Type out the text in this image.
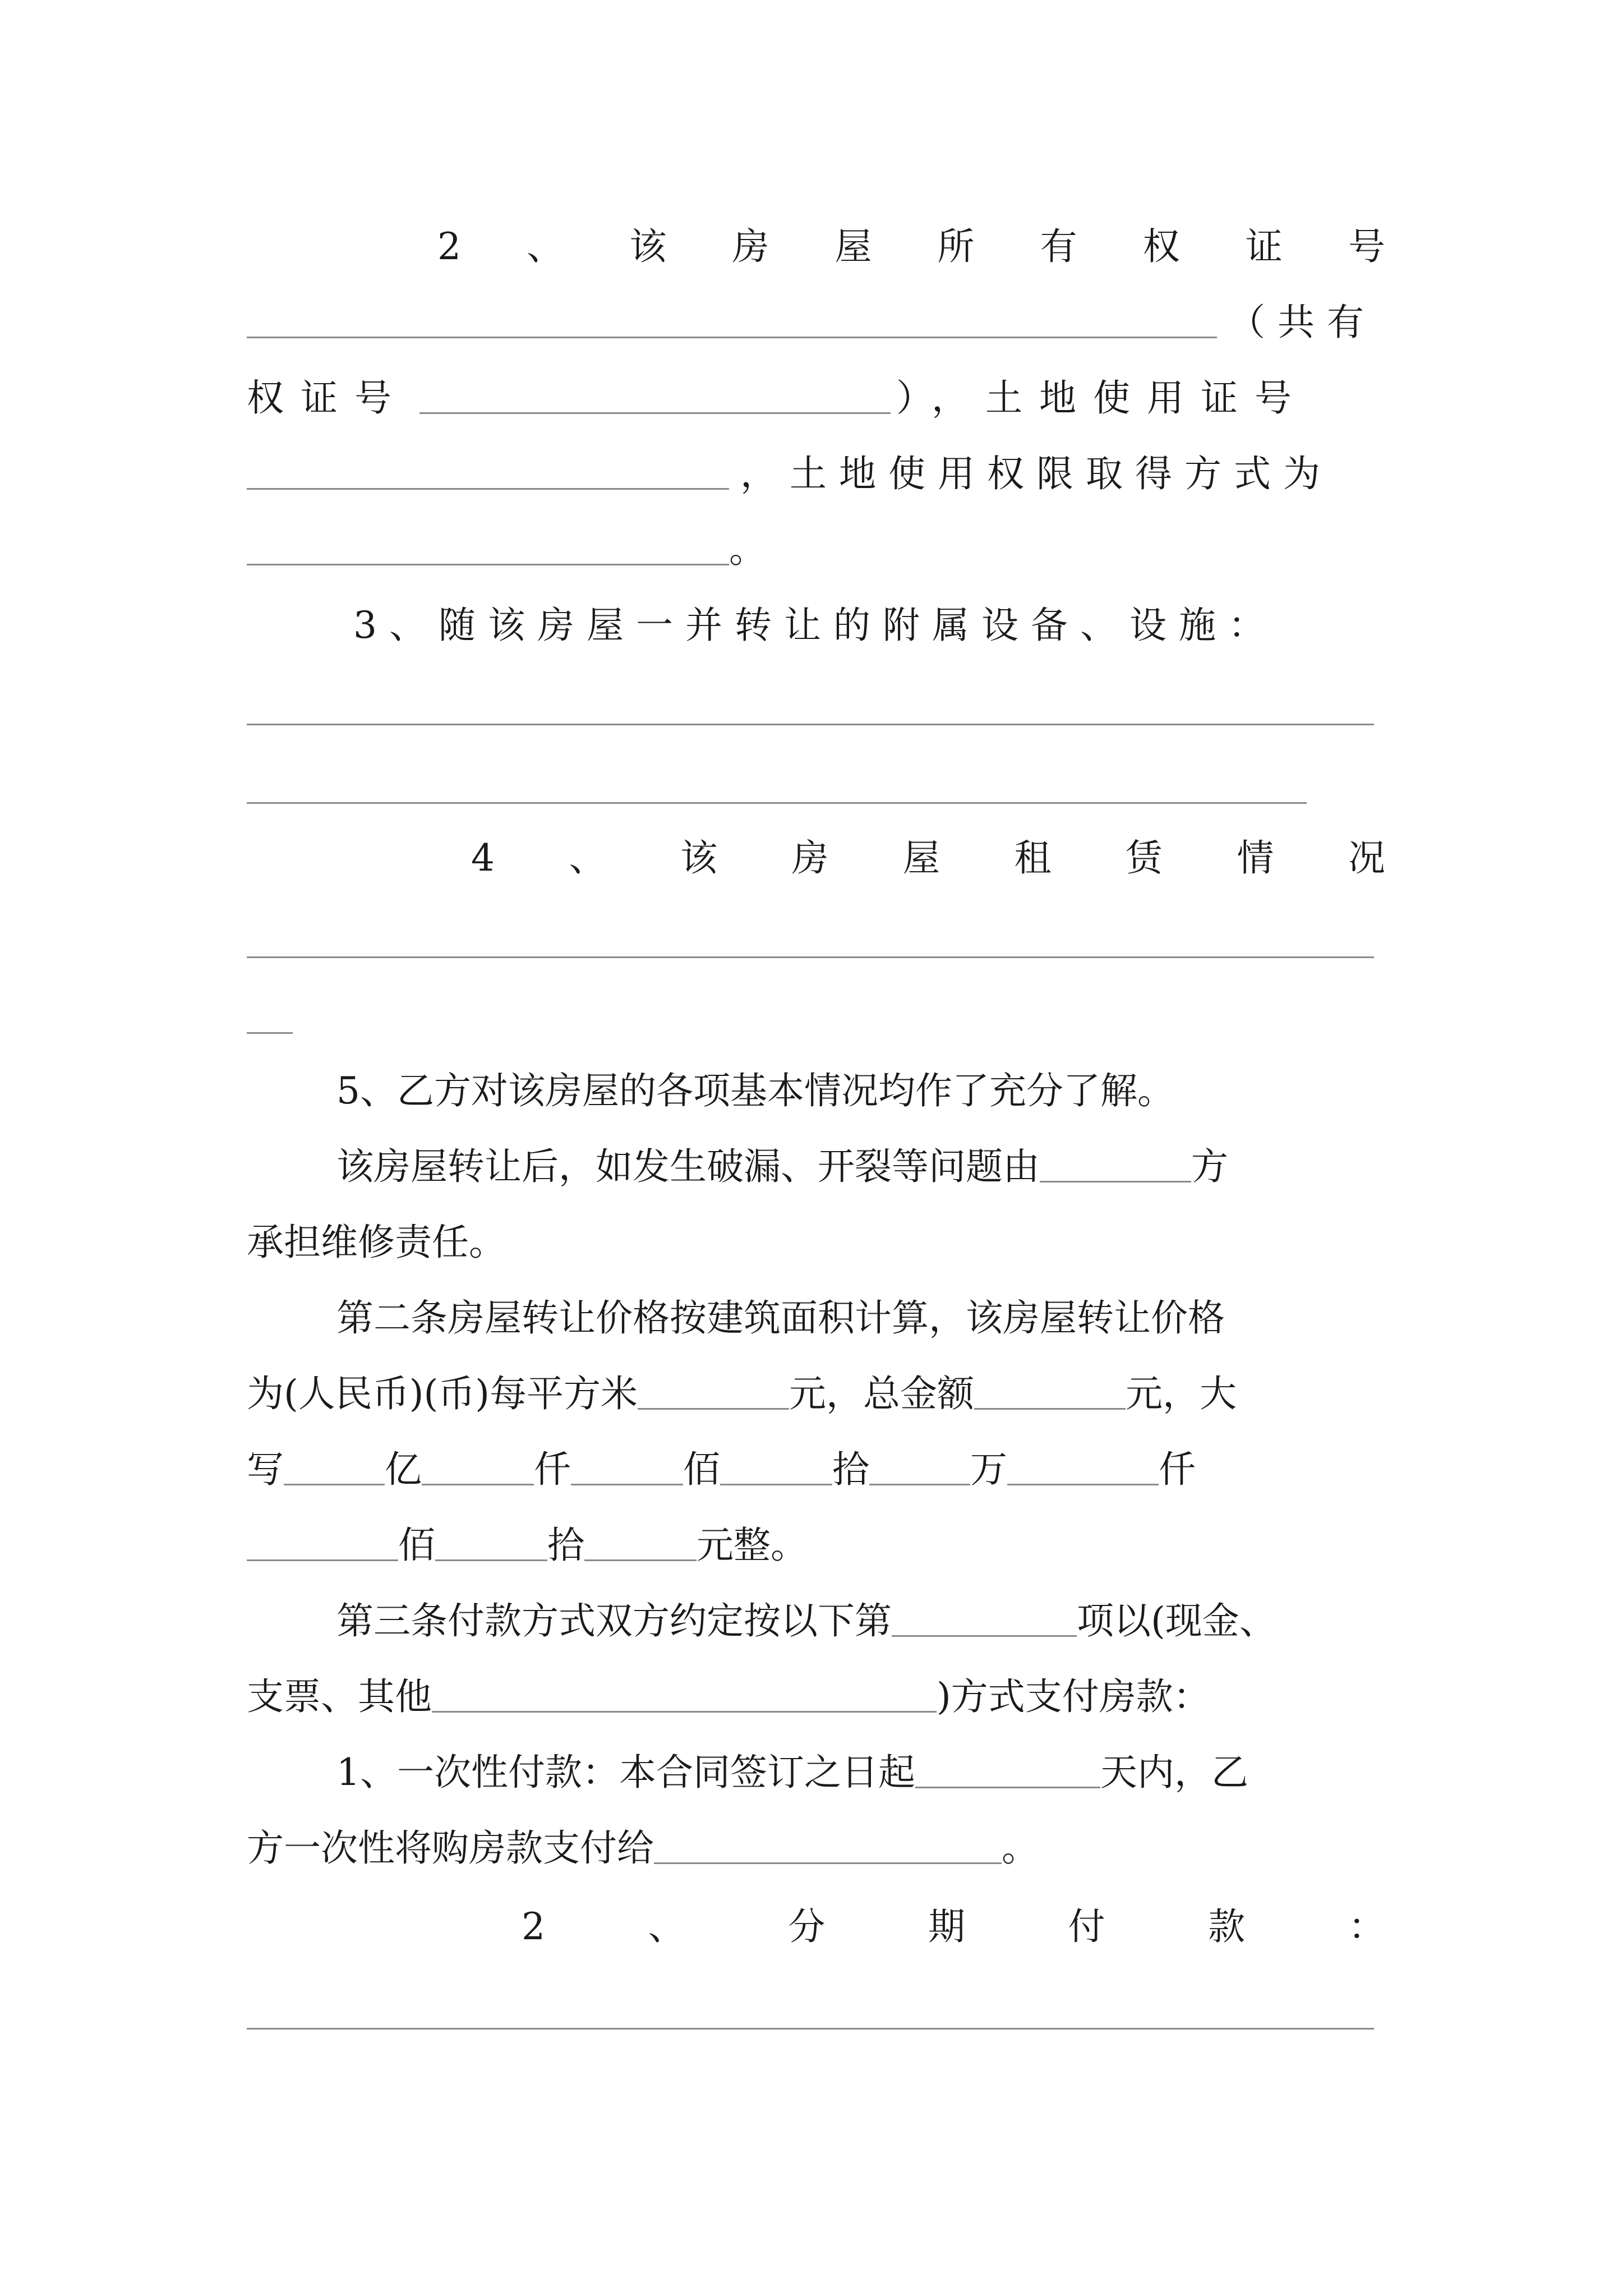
2 、 该 房 屋 所 有 权 证 号
（共有
权证号	），土地使用证号
，土地使用权限取得方式为
。
3、随该房屋一并转让的附属设备、设施：
4 、 该 房 屋 租 赁 情 况
5、乙方对该房屋的各项基本情况均作了充分了解。
该房屋转让后，如发生破漏、开裂等问题由	方
承担维修责任。
第二条房屋转让价格按建筑面积计算，该房屋转让价格
为(人民币)(币)每平方米	元，总金额	元，大
写	亿	仟	佰	拾	万	仟
佰	拾	元整。
第三条付款方式双方约定按以下第	项以(现金、
支票、其他	)方式支付房款：
1、一次性付款：本合同签订之日起	天内，乙
方一次性将购房款支付给	。
2	、	分	期	付	款	：
